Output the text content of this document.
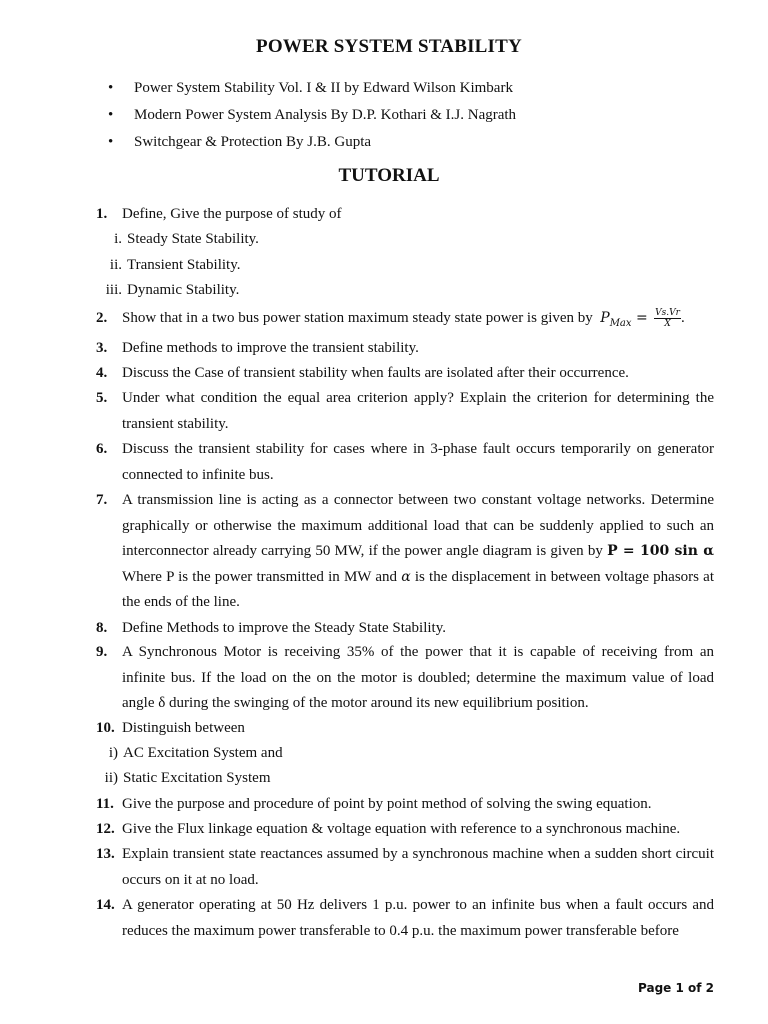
POWER SYSTEM STABILITY
• Power System Stability Vol. I & II by Edward Wilson Kimbark
• Modern Power System Analysis By D.P. Kothari & I.J. Nagrath
• Switchgear & Protection By J.B. Gupta
TUTORIAL
1. Define, Give the purpose of study of
i. Steady State Stability.
ii. Transient Stability.
iii. Dynamic Stability.
2. Show that in a two bus power station maximum steady state power is given by $P_{Max} = \frac{Vs.Vr}{X}$ .
3. Define methods to improve the transient stability.
4. Discuss the Case of transient stability when faults are isolated after their occurrence.
5. Under what condition the equal area criterion apply? Explain the criterion for determining the transient stability.
6. Discuss the transient stability for cases where in 3-phase fault occurs temporarily on generator connected to infinite bus.
7. A transmission line is acting as a connector between two constant voltage networks. Determine graphically or otherwise the maximum additional load that can be suddenly applied to such an interconnector already carrying 50 MW, if the power angle diagram is given by P = 100 sin α Where P is the power transmitted in MW and α is the displacement in between voltage phasors at the ends of the line.
8. Define Methods to improve the Steady State Stability.
9. A Synchronous Motor is receiving 35% of the power that it is capable of receiving from an infinite bus. If the load on the on the motor is doubled; determine the maximum value of load angle δ during the swinging of the motor around its new equilibrium position.
10. Distinguish between
i) AC Excitation System and
ii) Static Excitation System
11. Give the purpose and procedure of point by point method of solving the swing equation.
12. Give the Flux linkage equation & voltage equation with reference to a synchronous machine.
13. Explain transient state reactances assumed by a synchronous machine when a sudden short circuit occurs on it at no load.
14. A generator operating at 50 Hz delivers 1 p.u. power to an infinite bus when a fault occurs and reduces the maximum power transferable to 0.4 p.u. the maximum power transferable before
Page 1 of 2
